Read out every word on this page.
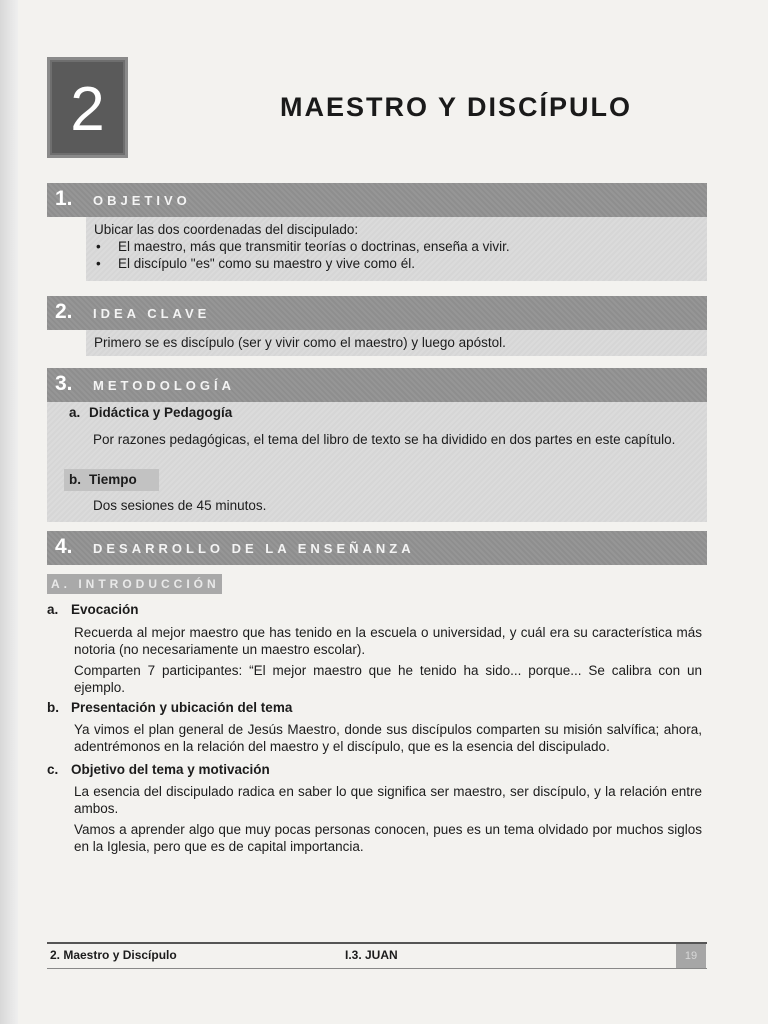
2	MAESTRO Y DISCÍPULO
1. OBJETIVO
Ubicar las dos coordenadas del discipulado:
• El maestro, más que transmitir teorías o doctrinas, enseña a vivir.
• El discípulo "es" como su maestro y vive como él.
2. IDEA CLAVE
Primero se es discípulo (ser y vivir como el maestro) y luego apóstol.
3. METODOLOGÍA
a. Didáctica y Pedagogía

Por razones pedagógicas, el tema del libro de texto se ha dividido en dos partes en este capítulo.

b. Tiempo

Dos sesiones de 45 minutos.

4. DESARROLLO DE LA ENSEÑANZA
A. INTRODUCCIÓN
a. Evocación

Recuerda al mejor maestro que has tenido en la escuela o universidad, y cuál era su característica más notoria (no necesariamente un maestro escolar).

Comparten 7 participantes: “El mejor maestro que he tenido ha sido... porque... Se calibra con un ejemplo.

b. Presentación y ubicación del tema

Ya vimos el plan general de Jesús Maestro, donde sus discípulos comparten su misión salvífica; ahora, adentrémonos en la relación del maestro y el discípulo, que es la esencia del discipulado.

c. Objetivo del tema y motivación

La esencia del discipulado radica en saber lo que significa ser maestro, ser discípulo, y la relación entre ambos.

Vamos a aprender algo que muy pocas personas conocen, pues es un tema olvidado por muchos siglos en la Iglesia, pero que es de capital importancia.

2. Maestro y Discípulo	I.3. JUAN	19
